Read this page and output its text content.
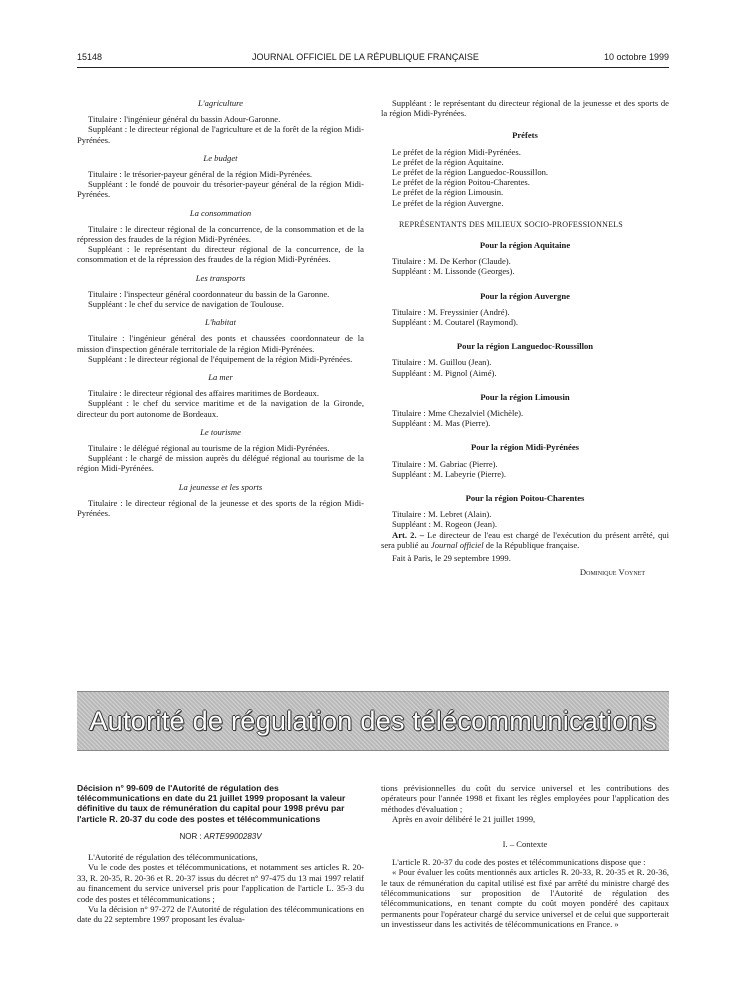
15148	JOURNAL OFFICIEL DE LA RÉPUBLIQUE FRANÇAISE	10 octobre 1999
L'agriculture

Titulaire : l'ingénieur général du bassin Adour-Garonne.

Suppléant : le directeur régional de l'agriculture et de la forêt de la région Midi-Pyrénées.

Le budget

Titulaire : le trésorier-payeur général de la région Midi-Pyrénées.

Suppléant : le fondé de pouvoir du trésorier-payeur général de la région Midi-Pyrénées.

La consommation

Titulaire : le directeur régional de la concurrence, de la consommation et de la répression des fraudes de la région Midi-Pyrénées.

Suppléant : le représentant du directeur régional de la concurrence, de la consommation et de la répression des fraudes de la région Midi-Pyrénées.

Les transports

Titulaire : l'inspecteur général coordonnateur du bassin de la Garonne.

Suppléant : le chef du service de navigation de Toulouse.

L'habitat

Titulaire : l'ingénieur général des ponts et chaussées coordonnateur de la mission d'inspection générale territoriale de la région Midi-Pyrénées.

Suppléant : le directeur régional de l'équipement de la région Midi-Pyrénées.

La mer

Titulaire : le directeur régional des affaires maritimes de Bordeaux.

Suppléant : le chef du service maritime et de la navigation de la Gironde, directeur du port autonome de Bordeaux.

Le tourisme

Titulaire : le délégué régional au tourisme de la région Midi-Pyrénées.

Suppléant : le chargé de mission auprès du délégué régional au tourisme de la région Midi-Pyrénées.

La jeunesse et les sports

Titulaire : le directeur régional de la jeunesse et des sports de la région Midi-Pyrénées.

Suppléant : le représentant du directeur régional de la jeunesse et des sports de la région Midi-Pyrénées.

Préfets

Le préfet de la région Midi-Pyrénées.

Le préfet de la région Aquitaine.

Le préfet de la région Languedoc-Roussillon.

Le préfet de la région Poitou-Charentes.

Le préfet de la région Limousin.

Le préfet de la région Auvergne.

REPRÉSENTANTS DES MILIEUX SOCIO-PROFESSIONNELS
Pour la région Aquitaine

Titulaire : M. De Kerhor (Claude).

Suppléant : M. Lissonde (Georges).

Pour la région Auvergne

Titulaire : M. Freyssinier (André).

Suppléant : M. Coutarel (Raymond).

Pour la région Languedoc-Roussillon

Titulaire : M. Guillou (Jean).

Suppléant : M. Pignol (Aimé).

Pour la région Limousin

Titulaire : Mme Chezalviel (Michèle).

Suppléant : M. Mas (Pierre).

Pour la région Midi-Pyrénées

Titulaire : M. Gabriac (Pierre).

Suppléant : M. Labeyrie (Pierre).

Pour la région Poitou-Charentes

Titulaire : M. Lebret (Alain).

Suppléant : M. Rogeon (Jean).

Art. 2. – Le directeur de l'eau est chargé de l'exécution du présent arrêté, qui sera publié au Journal officiel de la République française.

Fait à Paris, le 29 septembre 1999.

Dominique Voynet
Autorité de régulation des télécommunications
Décision n° 99-609 de l'Autorité de régulation des télécommunications en date du 21 juillet 1999 proposant la valeur définitive du taux de rémunération du capital pour 1998 prévu par l'article R. 20-37 du code des postes et télécommunications
NOR : ARTE9900283V

L'Autorité de régulation des télécommunications,

Vu le code des postes et télécommunications, et notamment ses articles R. 20-33, R. 20-35, R. 20-36 et R. 20-37 issus du décret n° 97-475 du 13 mai 1997 relatif au financement du service universel pris pour l'application de l'article L. 35-3 du code des postes et télécommunications ;

Vu la décision n° 97-272 de l'Autorité de régulation des télécommunications en date du 22 septembre 1997 proposant les évalua-

tions prévisionnelles du coût du service universel et les contributions des opérateurs pour l'année 1998 et fixant les règles employées pour l'application des méthodes d'évaluation ;

Après en avoir délibéré le 21 juillet 1999,

I. – Contexte

L'article R. 20-37 du code des postes et télécommunications dispose que :

« Pour évaluer les coûts mentionnés aux articles R. 20-33, R. 20-35 et R. 20-36, le taux de rémunération du capital utilisé est fixé par arrêté du ministre chargé des télécommunications sur proposition de l'Autorité de régulation des télécommunications, en tenant compte du coût moyen pondéré des capitaux permanents pour l'opérateur chargé du service universel et de celui que supporterait un investisseur dans les activités de télécommunications en France. »
